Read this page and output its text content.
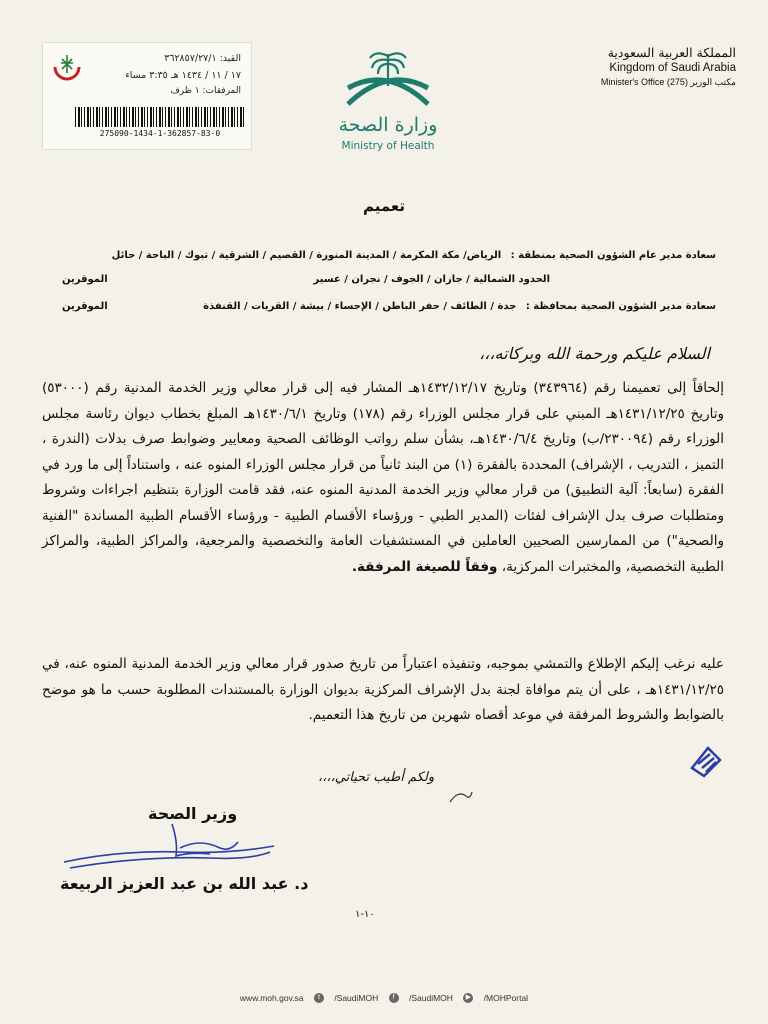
القيد: ٣٦٢٨٥٧/٢٧/١
١٧ / ١١ / ١٤٣٤ هـ ٣:٣٥ مساء
المرفقات: ١ ظرف
275090-1434-1-362857-83-0	وزارة الصحة
Ministry of Health
المملكة العربية السعودية
Kingdom of Saudi Arabia
مكتب الوزير (275) Minister's Office
تعميم
سعادة مدير عام الشؤون الصحية بمنطقة : الرياض/ مكة المكرمة / المدينة المنورة / القصيم / الشرقية / تبوك / الباحة / حائل
الحدود الشمالية / جازان / الجوف / نجران / عسير
الموقرين
سعادة مدير الشؤون الصحية بمحافظة : جدة / الطائف / حفر الباطن / الإحساء / بيشة / القريات / القنفذة
الموقرين
السلام عليكم ورحمة الله وبركاته،،،
إلحاقاً إلى تعميمنا رقم (٣٤٣٩٦٤) وتاريخ ١٤٣٢/١٢/١٧هـ المشار فيه إلى قرار معالي وزير الخدمة المدنية رقم (٥٣٠٠٠) وتاريخ ١٤٣١/١٢/٢٥هـ المبني على قرار مجلس الوزراء رقم (١٧٨) وتاريخ ١٤٣٠/٦/١هـ المبلغ بخطاب ديوان رئاسة مجلس الوزراء رقم (٢٣٠٠٩٤/ب) وتاريخ ١٤٣٠/٦/٤هـ، بشأن سلم رواتب الوظائف الصحية ومعايير وضوابط صرف بدلات (الندرة ، التميز ، التدريب ، الإشراف) المحددة بالفقرة (١) من البند ثانياً من قرار مجلس الوزراء المنوه عنه ، واستناداً إلى ما ورد في الفقرة (سابعاً: آلية التطبيق) من قرار معالي وزير الخدمة المدنية المنوه عنه، فقد قامت الوزارة بتنظيم اجراءات وشروط ومتطلبات صرف بدل الإشراف لفئات (المدير الطبي - ورؤساء الأقسام الطبية - ورؤساء الأقسام الطبية المساندة "الفنية والصحية") من الممارسين الصحيين العاملين في المستشفيات العامة والتخصصية والمرجعية، والمراكز الطبية، والمراكز الطبية التخصصية، والمختبرات المركزية، وفقاً للصيغة المرفقة.
عليه نرغب إليكم الإطلاع والتمشي بموجبه، وتنفيذه اعتباراً من تاريخ صدور قرار معالي وزير الخدمة المدنية المنوه عنه، في ١٤٣١/١٢/٢٥هـ ، على أن يتم موافاة لجنة بدل الإشراف المركزية بديوان الوزارة بالمستندات المطلوبة حسب ما هو موضح بالضوابط والشروط المرفقة في موعد أقصاه شهرين من تاريخ هذا التعميم.
ولكم أطيب تحياتي،،،،
وزير الصحة
د. عبد الله بن عبد العزيز الربيعة
١٠-١
www.moh.gov.sa t /SaudiMOH f /SaudiMOH ▶ /MOHPortal
